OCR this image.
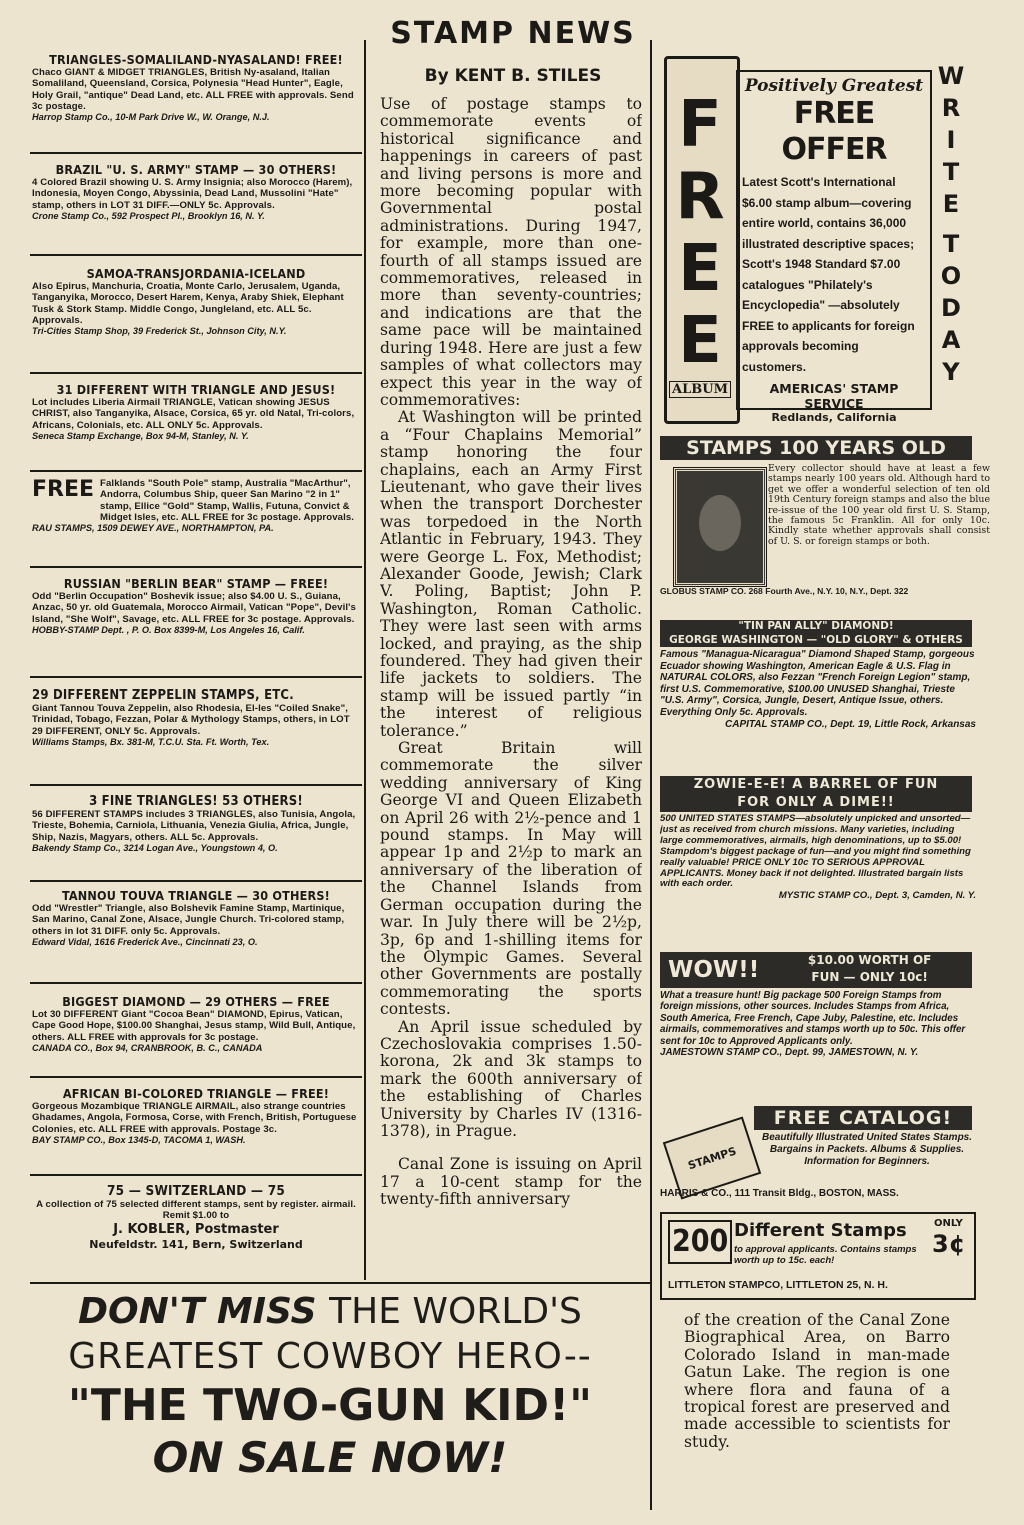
TRIANGLES-SOMALILAND-NYASALAND! FREE!
Chaco GIANT & MIDGET TRIANGLES, British Ny-asaland, Italian Somaliland, Queensland, Corsica, Polynesia "Head Hunter", Eagle, Holy Grail, "antique" Dead Land, etc. ALL FREE with approvals. Send 3c postage.
Harrop Stamp Co., 10-M Park Drive W., W. Orange, N.J.
BRAZIL "U. S. ARMY" STAMP — 30 OTHERS!
4 Colored Brazil showing U. S. Army Insignia; also Morocco (Harem), Indonesia, Moyen Congo, Abyssinia, Dead Land, Mussolini "Hate" stamp, others in LOT 31 DIFF.—ONLY 5c. Approvals.
Crone Stamp Co., 592 Prospect Pl., Brooklyn 16, N. Y.
SAMOA-TRANSJORDANIA-ICELAND
Also Epirus, Manchuria, Croatia, Monte Carlo, Jerusalem, Uganda, Tanganyika, Morocco, Desert Harem, Kenya, Araby Shiek, Elephant Tusk & Stork Stamp. Middle Congo, Jungleland, etc. ALL 5c. Approvals.
Tri-Cities Stamp Shop, 39 Frederick St., Johnson City, N.Y.
31 DIFFERENT WITH TRIANGLE AND JESUS!
Lot includes Liberia Airmail TRIANGLE, Vatican showing JESUS CHRIST, also Tanganyika, Alsace, Corsica, 65 yr. old Natal, Tri-colors, Africans, Colonials, etc. ALL ONLY 5c. Approvals.
Seneca Stamp Exchange, Box 94-M, Stanley, N. Y.
FREE Falklands "South Pole" stamp, Australia "MacArthur", Andorra, Columbus Ship, queer San Marino "2 in 1" stamp, Ellice "Gold" Stamp, Wallis, Futuna, Convict & Midget Isles, etc. ALL FREE for 3c postage. Approvals.
RAU STAMPS, 1509 DEWEY AVE., NORTHAMPTON, PA.
RUSSIAN "BERLIN BEAR" STAMP — FREE!
Odd "Berlin Occupation" Boshevik issue; also $4.00 U. S., Guiana, Anzac, 50 yr. old Guatemala, Morocco Airmail, Vatican "Pope", Devil's Island, "She Wolf", Savage, etc. ALL FREE for 3c postage. Approvals.
HOBBY-STAMP Dept. , P. O. Box 8399-M, Los Angeles 16, Calif.
29 DIFFERENT ZEPPELIN STAMPS, ETC.
Giant Tannou Touva Zeppelin, also Rhodesia, El-les "Coiled Snake", Trinidad, Tobago, Fezzan, Polar & Mythology Stamps, others, in LOT 29 DIFFERENT, ONLY 5c. Approvals.
Williams Stamps, Bx. 381-M, T.C.U. Sta. Ft. Worth, Tex.
3 FINE TRIANGLES! 53 OTHERS!
56 DIFFERENT STAMPS includes 3 TRIANGLES, also Tunisia, Angola, Trieste, Bohemia, Carniola, Lithuania, Venezia Giulia, Africa, Jungle, Ship, Nazis, Magyars, others. ALL 5c. Approvals.
Bakendy Stamp Co., 3214 Logan Ave., Youngstown 4, O.
TANNOU TOUVA TRIANGLE — 30 OTHERS!
Odd "Wrestler" Triangle, also Bolshevik Famine Stamp, Martinique, San Marino, Canal Zone, Alsace, Jungle Church. Tri-colored stamp, others in lot 31 DIFF. only 5c. Approvals.
Edward Vidal, 1616 Frederick Ave., Cincinnati 23, O.
BIGGEST DIAMOND — 29 OTHERS — FREE
Lot 30 DIFFERENT Giant "Cocoa Bean" DIAMOND, Epirus, Vatican, Cape Good Hope, $100.00 Shanghai, Jesus stamp, Wild Bull, Antique, others. ALL FREE with approvals for 3c postage.
CANADA CO., Box 94, CRANBROOK, B. C., CANADA
AFRICAN BI-COLORED TRIANGLE — FREE!
Gorgeous Mozambique TRIANGLE AIRMAIL, also strange countries Ghadames, Angola, Formosa, Corse, with French, British, Portuguese Colonies, etc. ALL FREE with approvals. Postage 3c.
BAY STAMP CO., Box 1345-D, TACOMA 1, WASH.
75 — SWITZERLAND — 75
A collection of 75 selected different stamps, sent by register. airmail. Remit $1.00 to
J. KOBLER, Postmaster
Neufeldstr. 141, Bern, Switzerland
STAMP NEWS
By KENT B. STILES

Use of postage stamps to commemorate events of historical significance and happenings in careers of past and living persons is more and more becoming popular with Governmental postal administrations. During 1947, for example, more than one-fourth of all stamps issued are commemoratives, released in more than seventy-countries; and indications are that the same pace will be maintained during 1948. Here are just a few samples of what collectors may expect this year in the way of commemoratives:

At Washington will be printed a “Four Chaplains Memorial” stamp honoring the four chaplains, each an Army First Lieutenant, who gave their lives when the transport Dorchester was torpedoed in the North Atlantic in February, 1943. They were George L. Fox, Methodist; Alexander Goode, Jewish; Clark V. Poling, Baptist; John P. Washington, Roman Catholic. They were last seen with arms locked, and praying, as the ship foundered. They had given their life jackets to soldiers. The stamp will be issued partly “in the interest of religious tolerance.”

Great Britain will commemorate the silver wedding anniversary of King George VI and Queen Elizabeth on April 26 with 2½-pence and 1 pound stamps. In May will appear 1p and 2½p to mark an anniversary of the liberation of the Channel Islands from German occupation during the war. In July there will be 2½p, 3p, 6p and 1-shilling items for the Olympic Games. Several other Governments are postally commemorating the sports contests.

An April issue scheduled by Czechoslovakia comprises 1.50-korona, 2k and 3k stamps to mark the 600th anniversary of the establishing of Charles University by Charles IV (1316-1378), in Prague.

Canal Zone is issuing on April 17 a 10-cent stamp for the twenty-fifth anniversary

F
R
E
E
ALBUM
Positively Greatest
FREE OFFER
Latest Scott's International $6.00 stamp album—covering entire world, contains 36,000 illustrated descriptive spaces; Scott's 1948 Standard $7.00 catalogues "Philately's Encyclopedia" —absolutely FREE to applicants for foreign approvals becoming customers.
AMERICAS' STAMP SERVICE
Redlands, California
W
R
I
T
E
T
O
D
A
Y
STAMPS 100 YEARS OLD
Every collector should have at least a few stamps nearly 100 years old. Although hard to get we offer a wonderful selection of ten old 19th Century foreign stamps and also the blue re-issue of the 100 year old first U. S. Stamp, the famous 5c Franklin. All for only 10c. Kindly state whether approvals shall consist of U. S. or foreign stamps or both.
GLOBUS STAMP CO. 268 Fourth Ave., N.Y. 10, N.Y., Dept. 322
"TIN PAN ALLY" DIAMOND!
GEORGE WASHINGTON — "OLD GLORY" & OTHERS
Famous "Managua-Nicaragua" Diamond Shaped Stamp, gorgeous Ecuador showing Washington, American Eagle & U.S. Flag in NATURAL COLORS, also Fezzan "French Foreign Legion" stamp, first U.S. Commemorative, $100.00 UNUSED Shanghai, Trieste "U.S. Army", Corsica, Jungle, Desert, Antique Issue, others. Everything Only 5c. Approvals.
CAPITAL STAMP CO., Dept. 19, Little Rock, Arkansas
ZOWIE-E-E! A BARREL OF FUN
FOR ONLY A DIME!!
500 UNITED STATES STAMPS—absolutely unpicked and unsorted—just as received from church missions. Many varieties, including large commemoratives, airmails, high denominations, up to $5.00! Stampdom's biggest package of fun—and you might find something really valuable! PRICE ONLY 10c TO SERIOUS APPROVAL APPLICANTS. Money back if not delighted. Illustrated bargain lists with each order.
MYSTIC STAMP CO., Dept. 3, Camden, N. Y.
WOW!!	$10.00 WORTH OF
FUN — ONLY 10c!
What a treasure hunt! Big package 500 Foreign Stamps from foreign missions, other sources. Includes Stamps from Africa, South America, Free French, Cape Juby, Palestine, etc. Includes airmails, commemoratives and stamps worth up to 50c. This offer sent for 10c to Approved Applicants only.
JAMESTOWN STAMP CO., Dept. 99, JAMESTOWN, N. Y.
FREE CATALOG!
STAMPS
Beautifully Illustrated United States Stamps. Bargains in Packets. Albums & Supplies. Information for Beginners.
HARRIS & CO., 111 Transit Bldg., BOSTON, MASS.
200 Different Stamps	ONLY
3¢
to approval applicants. Contains stamps worth up to 15c. each!
LITTLETON STAMPCO, LITTLETON 25, N. H.
of the creation of the Canal Zone Biographical Area, on Barro Colorado Island in man-made Gatun Lake. The region is one where flora and fauna of a tropical forest are preserved and made accessible to scientists for study.
DON'T MISS THE WORLD'S
GREATEST COWBOY HERO--
"THE TWO-GUN KID!"
ON SALE NOW!
